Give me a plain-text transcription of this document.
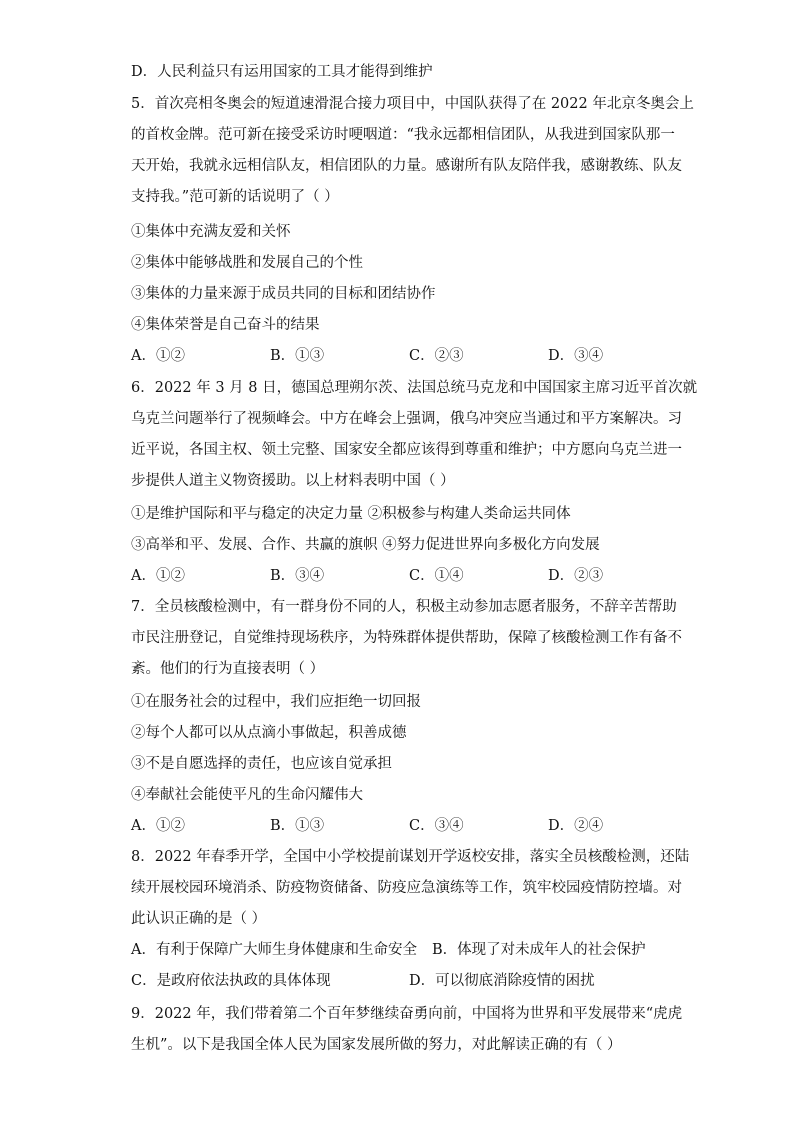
D．人民利益只有运用国家的工具才能得到维护
5．首次亮相冬奥会的短道速滑混合接力项目中，中国队获得了在 2022 年北京冬奥会上
的首枚金牌。范可新在接受采访时哽咽道：“我永远都相信团队，从我进到国家队那一
天开始，我就永远相信队友，相信团队的力量。感谢所有队友陪伴我，感谢教练、队友
支持我。”范可新的话说明了（ ）
①集体中充满友爱和关怀
②集体中能够战胜和发展自己的个性
③集体的力量来源于成员共同的目标和团结协作
④集体荣誉是自己奋斗的结果
A．①②	B．①③	C．②③	D．③④
6．2022 年 3 月 8 日，德国总理朔尔茨、法国总统马克龙和中国国家主席习近平首次就
乌克兰问题举行了视频峰会。中方在峰会上强调，俄乌冲突应当通过和平方案解决。习
近平说，各国主权、领土完整、国家安全都应该得到尊重和维护；中方愿向乌克兰进一
步提供人道主义物资援助。以上材料表明中国（ ）
①是维护国际和平与稳定的决定力量 ②积极参与构建人类命运共同体
③高举和平、发展、合作、共赢的旗帜 ④努力促进世界向多极化方向发展
A．①②	B．③④	C．①④	D．②③
7．全员核酸检测中，有一群身份不同的人，积极主动参加志愿者服务，不辞辛苦帮助
市民注册登记，自觉维持现场秩序，为特殊群体提供帮助，保障了核酸检测工作有备不
紊。他们的行为直接表明（ ）
①在服务社会的过程中，我们应拒绝一切回报
②每个人都可以从点滴小事做起，积善成德
③不是自愿选择的责任，也应该自觉承担
④奉献社会能使平凡的生命闪耀伟大
A．①②	B．①③	C．③④	D．②④
8．2022 年春季开学，全国中小学校提前谋划开学返校安排，落实全员核酸检测，还陆
续开展校园环境消杀、防疫物资储备、防疫应急演练等工作，筑牢校园疫情防控墙。对
此认识正确的是（ ）
A．有利于保障广大师生身体健康和生命安全 B．体现了对未成年人的社会保护
C．是政府依法执政的具体体现	D．可以彻底消除疫情的困扰
9．2022 年，我们带着第二个百年梦继续奋勇向前，中国将为世界和平发展带来“虎虎
生机”。以下是我国全体人民为国家发展所做的努力，对此解读正确的有（ ）
